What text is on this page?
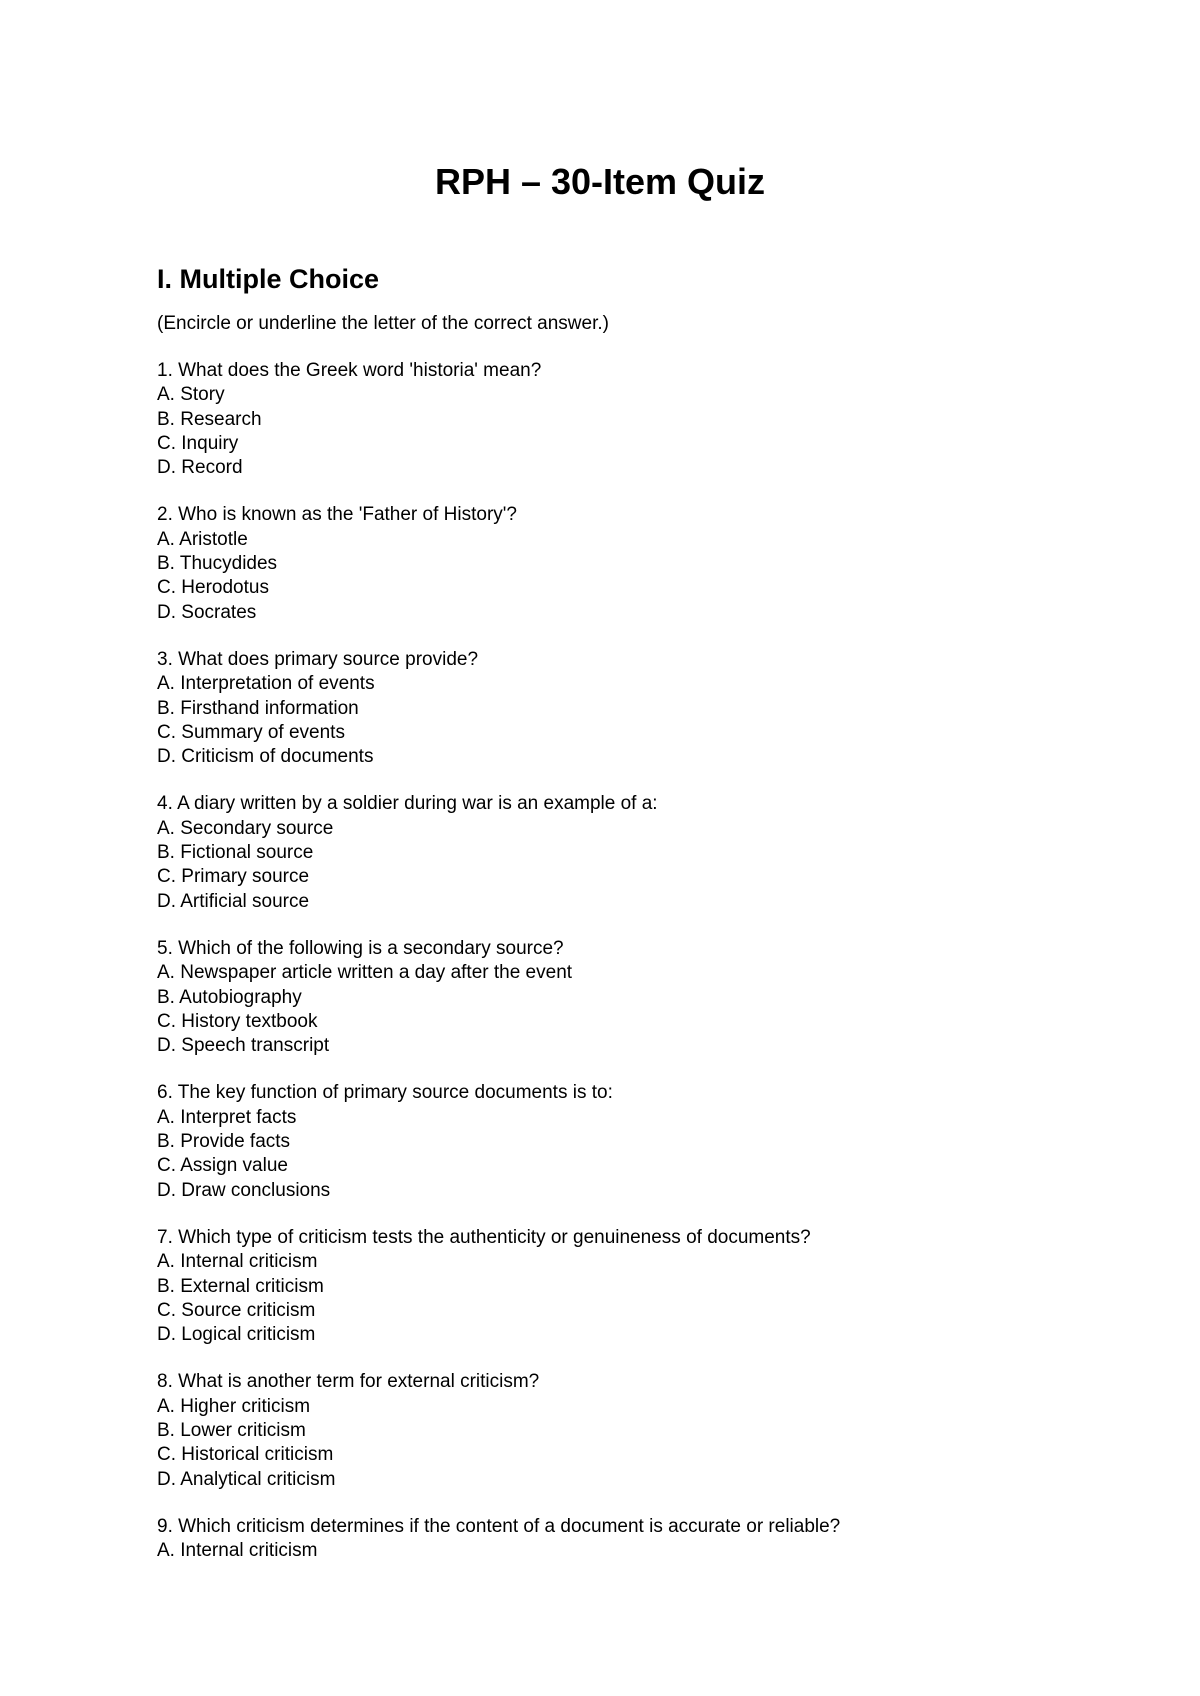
RPH – 30-Item Quiz
I. Multiple Choice
(Encircle or underline the letter of the correct answer.)
1. What does the Greek word 'historia' mean?
A. Story
B. Research
C. Inquiry
D. Record
2. Who is known as the 'Father of History'?
A. Aristotle
B. Thucydides
C. Herodotus
D. Socrates
3. What does primary source provide?
A. Interpretation of events
B. Firsthand information
C. Summary of events
D. Criticism of documents
4. A diary written by a soldier during war is an example of a:
A. Secondary source
B. Fictional source
C. Primary source
D. Artificial source
5. Which of the following is a secondary source?
A. Newspaper article written a day after the event
B. Autobiography
C. History textbook
D. Speech transcript
6. The key function of primary source documents is to:
A. Interpret facts
B. Provide facts
C. Assign value
D. Draw conclusions
7. Which type of criticism tests the authenticity or genuineness of documents?
A. Internal criticism
B. External criticism
C. Source criticism
D. Logical criticism
8. What is another term for external criticism?
A. Higher criticism
B. Lower criticism
C. Historical criticism
D. Analytical criticism
9. Which criticism determines if the content of a document is accurate or reliable?
A. Internal criticism
